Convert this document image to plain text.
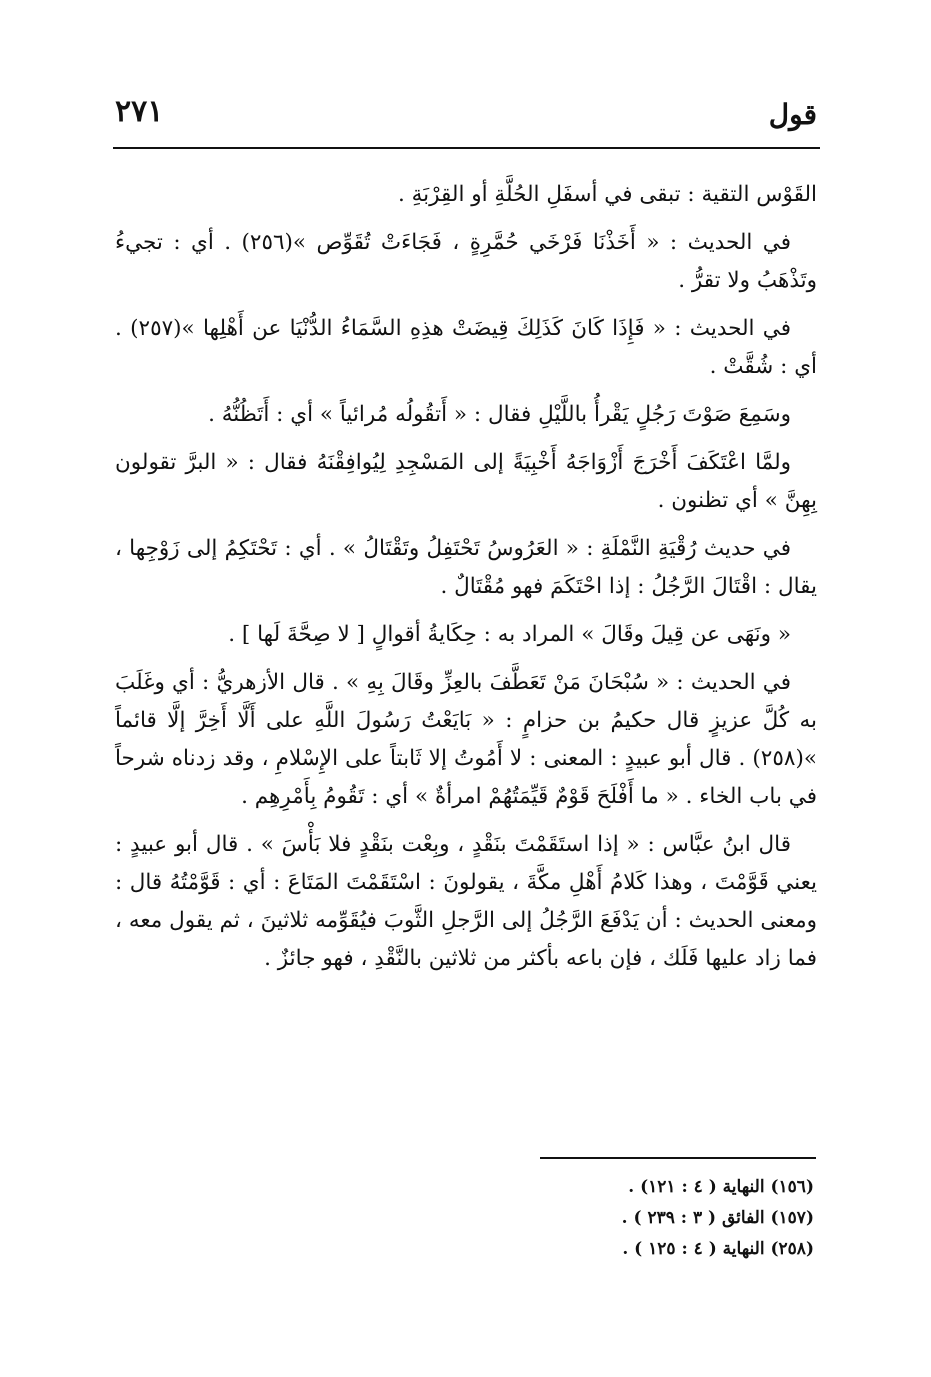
٢٧١	قول

القَوْس التقية : تبقى في أسفَلِ الحُلَّةِ أو القِرْبَةِ .

في الحديث : « أَخَذْنَا فَرْخَي حُمَّرِةٍ ، فَجَاءَتْ تُقَوِّص »(٢٥٦) . أي : تجيءُ وتَذْهَبُ ولا تقرُّ .

في الحديث : « فَإِذَا كَانَ كَذَلِكَ قِيضَتْ هذِهِ السَّمَاءُ الدُّنْيَا عن أَهْلِها »(٢٥٧) . أي : شُقَّتْ .

وسَمِعَ صَوْتَ رَجُلٍ يَقْرأُ باللَّيْلِ فقال : « أَتقُولُه مُرائياً » أي : أَتَظُنُّهُ .

ولمَّا اعْتَكَفَ أَخْرَجَ أَزْوَاجَهُ أَخْبِيَةً إلى المَسْجِدِ لِيُوافِقْنَهُ فقال : « البرَّ تقولون بِهِنَّ » أي تظنون .

في حديث رُقْيَةِ النَّمْلَةِ : « العَرُوسُ تَحْتَفِلُ وتَقْتَالُ » . أي : تَحْتَكِمُ إلى زَوْجِها ، يقال : اقْتَالَ الرَّجُلُ : إذا احْتَكَمَ فهو مُقْتَالٌ .

« ونَهَى عن قِيلَ وقَالَ » المراد به : حِكَايةُ أقوالٍ [ لا صِحَّةَ لَها ] .

في الحديث : « سُبْحَانَ مَنْ تَعَطَّفَ بالعِزِّ وقَالَ بِهِ » . قال الأزهريُّ : أي وغَلَبَ به كُلَّ عزيزٍ قال حكيمُ بن حزامٍ : « بَايَعْتُ رَسُولَ اللَّهِ على أَلَّا أَخِرَّ إلَّا قائماً »(٢٥٨) . قال أبو عبيدٍ : المعنى : لا أَمُوتُ إلا ثَابتاً على الإِسْلامِ ، وقد زدناه شرحاً في باب الخاء . « ما أَفْلَحَ قَوْمٌ قَيِّمَتُهُمْ امرأةٌ » أي : تَقُومُ بِأَمْرِهِم .

قال ابنُ عبَّاس : « إذا استَقَمْتَ بنَقْدٍ ، وبِعْت بنَقْدٍ فلا بَأْسَ » . قال أبو عبيدٍ : يعني قَوَّمْتَ ، وهذا كَلامُ أَهْلِ مكَّةَ ، يقولونَ : اسْتَقَمْتَ المَتَاعَ : أي : قَوَّمْتُهُ قال : ومعنى الحديث : أن يَدْفَعَ الرَّجُلُ إلى الرَّجلِ الثَّوبَ فيُقَوِّمه ثلاثينَ ، ثم يقول معه ، فما زاد عليها فَلَك ، فإن باعه بأكثر من ثلاثين بالنَّقْدِ ، فهو جائزٌ .

(١٥٦) النهاية ( ٤ : ١٢١) .

(١٥٧) الفائق ( ٣ : ٢٣٩ ) .

(٢٥٨) النهاية ( ٤ : ١٢٥ ) .
